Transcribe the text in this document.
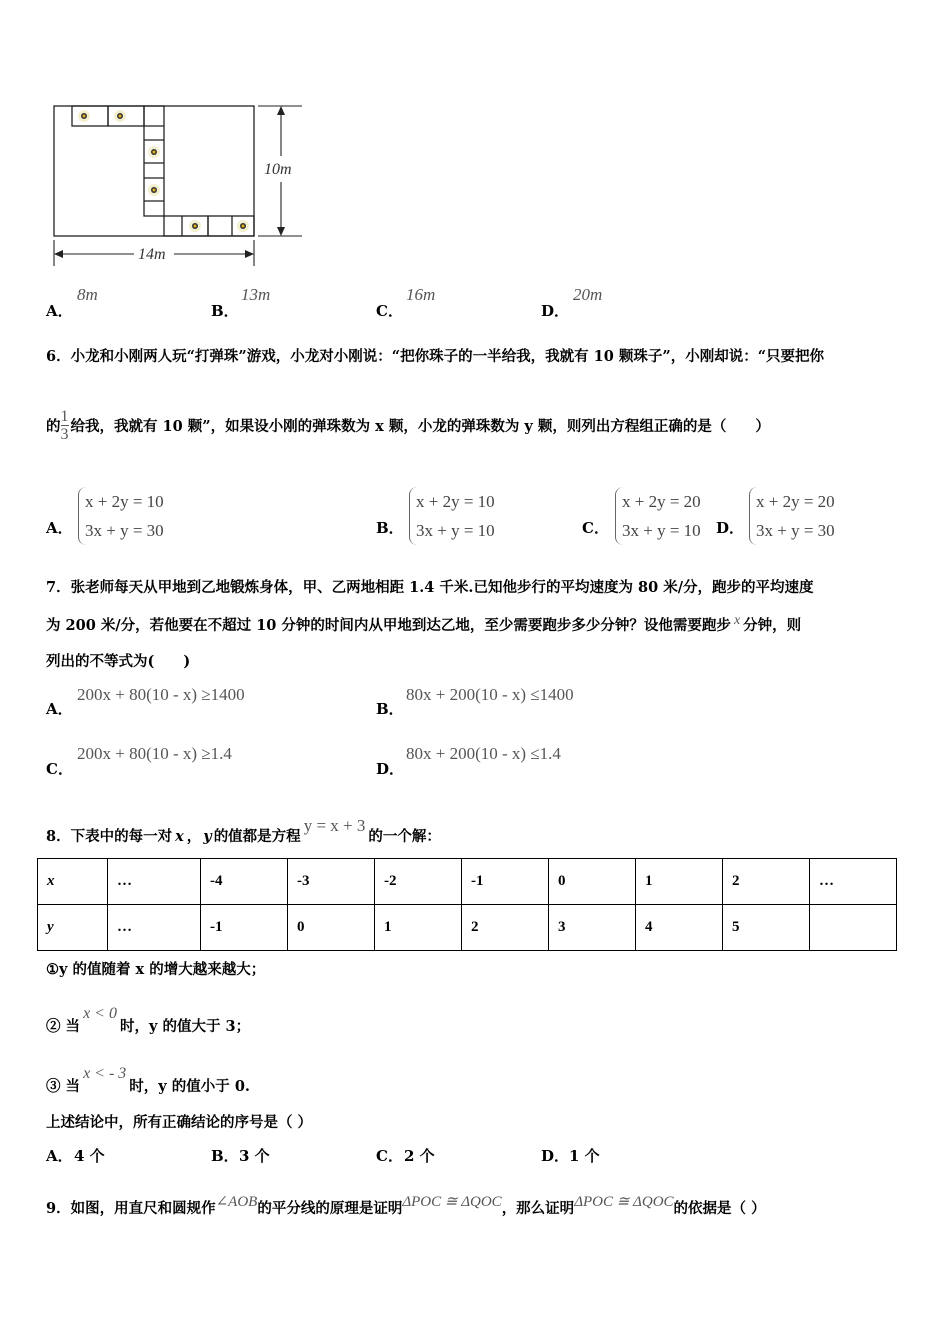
10m
14m
A．
8m
B．
13m
C．
16m
D．
20m
6．小龙和小刚两人玩“打弹珠”游戏，小龙对小刚说：“把你珠子的一半给我，我就有 10 颗珠子”，小刚却说：“只要把你
的 $\frac{1}{3}$ 给我，我就有 10 颗”，如果设小刚的弹珠数为 x 颗，小龙的弹珠数为 y 颗，则列出方程组正确的是（　　）
A．
x + 2y = 10
3x + y = 30	B．
x + 2y = 10
3x + y = 10	C．
x + 2y = 20
3x + y = 10 D．
x + 2y = 20
3x + y = 30
7．张老师每天从甲地到乙地锻炼身体，甲、乙两地相距 1.4 千米.已知他步行的平均速度为 80 米/分，跑步的平均速度
为 200 米/分，若他要在不超过 10 分钟的时间内从甲地到达乙地，至少需要跑步多少分钟？设他需要跑步 x 分钟，则
列出的不等式为(　　)
A．
200x + 80(10 - x) ≥1400
B．
80x + 200(10 - x) ≤1400
C．
200x + 80(10 - x) ≥1.4
D．
80x + 200(10 - x) ≤1.4
8．下表中的每一对 x ， y 的值都是方程y = x + 3的一个解：
x	…	-4	-3	-2	-1	0	1	2	…
y	…	-1	0	1	2	3	4	5	
①y 的值随着 x 的增大越来越大；
② 当x < 0时，y 的值大于 3；
③ 当x < - 3时，y 的值小于 0.
上述结论中，所有正确结论的序号是（ ）
A． 4 个	B． 3 个	C． 2 个	D． 1 个
9．如图，用直尺和圆规作∠AOB的平分线的原理是证明ΔPOC ≅ ΔQOC，那么证明ΔPOC ≅ ΔQOC的依据是（ ）
